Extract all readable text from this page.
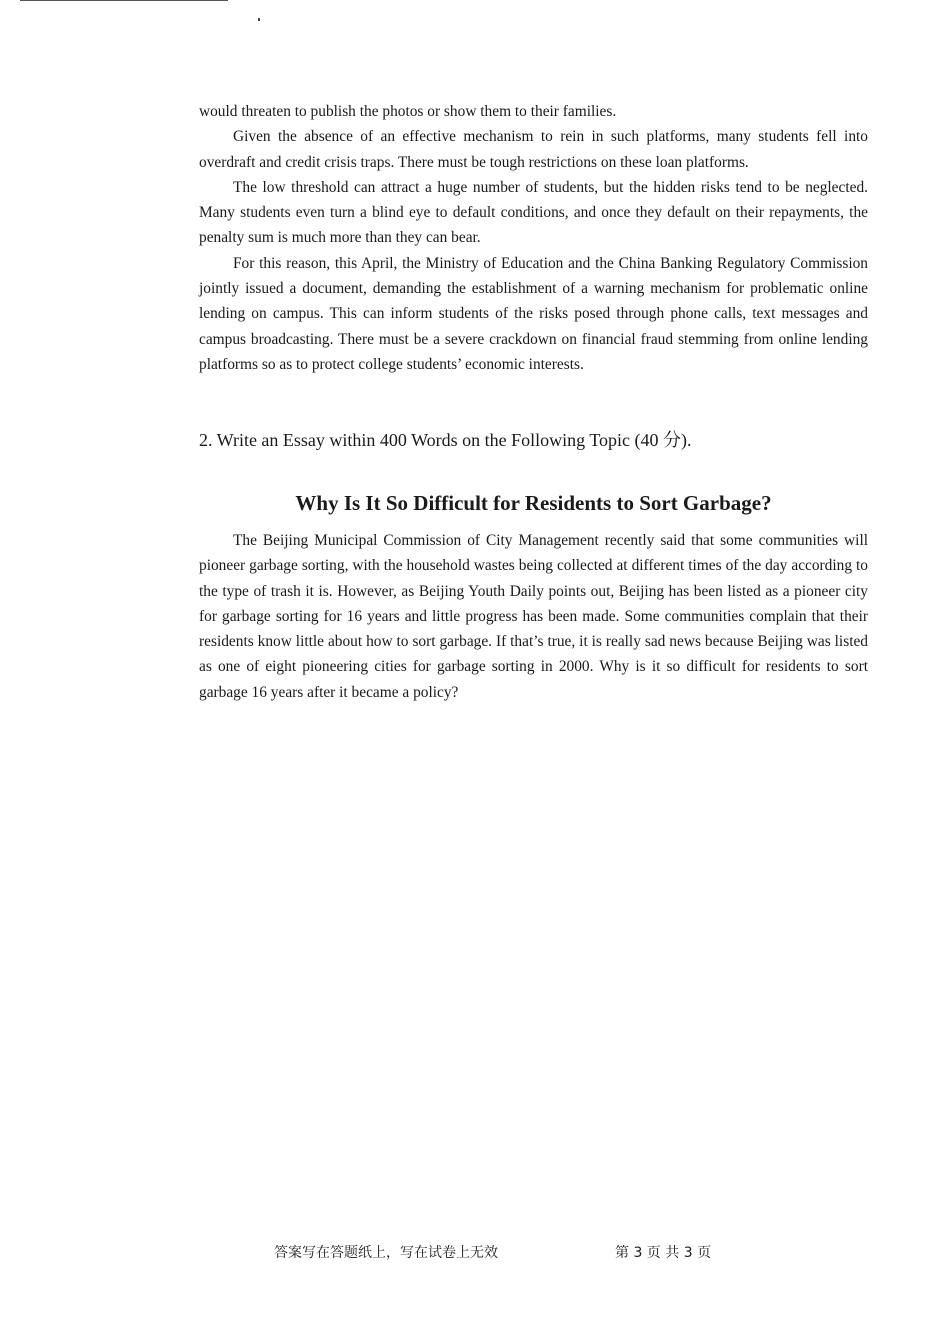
would threaten to publish the photos or show them to their families.

Given the absence of an effective mechanism to rein in such platforms, many students fell into overdraft and credit crisis traps. There must be tough restrictions on these loan platforms.

The low threshold can attract a huge number of students, but the hidden risks tend to be neglected. Many students even turn a blind eye to default conditions, and once they default on their repayments, the penalty sum is much more than they can bear.

For this reason, this April, the Ministry of Education and the China Banking Regulatory Commission jointly issued a document, demanding the establishment of a warning mechanism for problematic online lending on campus. This can inform students of the risks posed through phone calls, text messages and campus broadcasting. There must be a severe crackdown on financial fraud stemming from online lending platforms so as to protect college students’ economic interests.

2. Write an Essay within 400 Words on the Following Topic (40 分).
Why Is It So Difficult for Residents to Sort Garbage?

The Beijing Municipal Commission of City Management recently said that some communities will pioneer garbage sorting, with the household wastes being collected at different times of the day according to the type of trash it is. However, as Beijing Youth Daily points out, Beijing has been listed as a pioneer city for garbage sorting for 16 years and little progress has been made. Some communities complain that their residents know little about how to sort garbage. If that’s true, it is really sad news because Beijing was listed as one of eight pioneering cities for garbage sorting in 2000. Why is it so difficult for residents to sort garbage 16 years after it became a policy?

答案写在答题纸上，写在试卷上无效	第 3 页 共 3 页
